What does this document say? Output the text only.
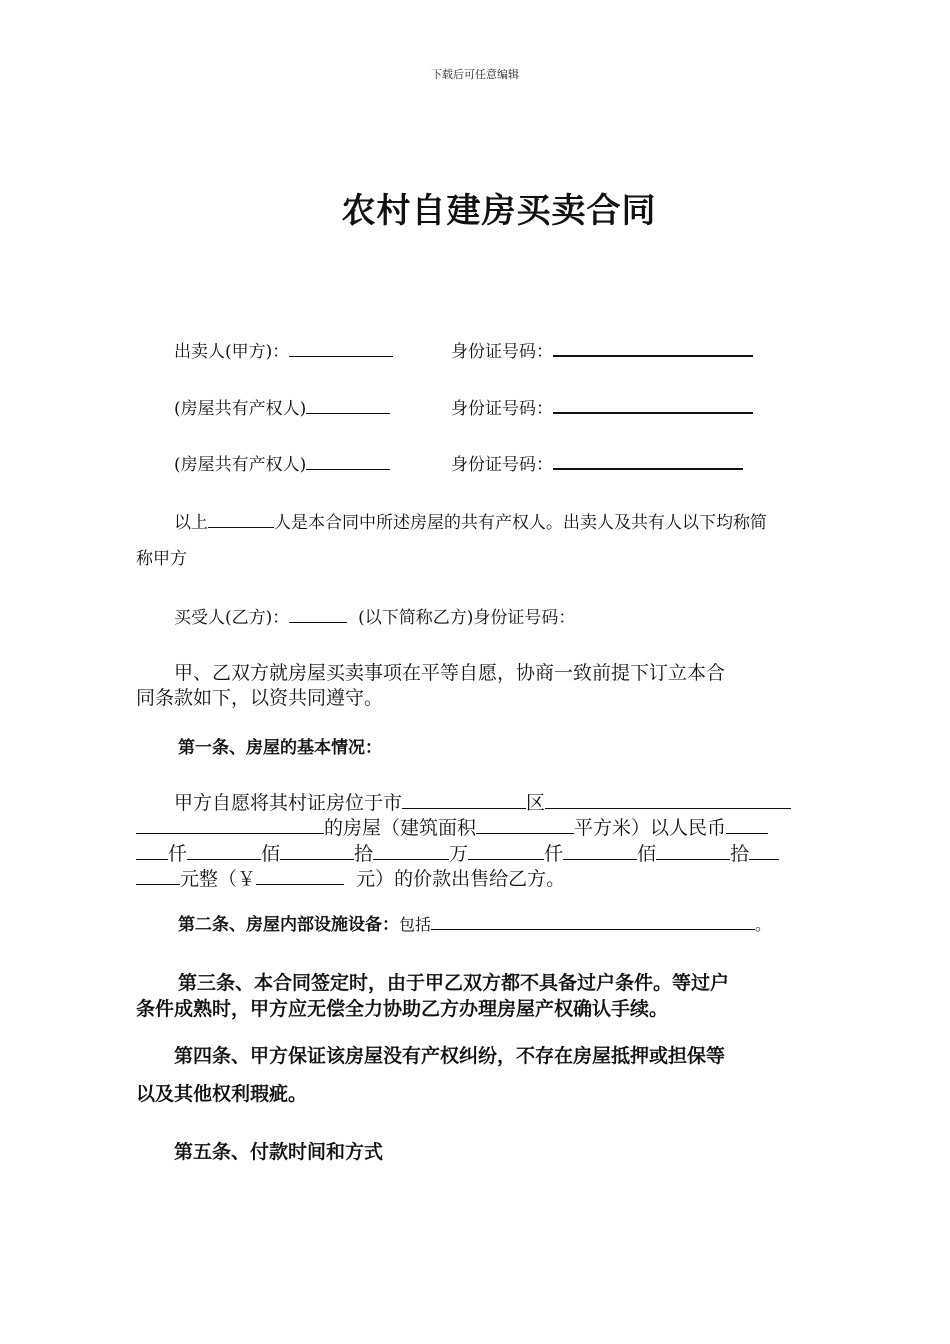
下载后可任意编辑
农村自建房买卖合同
出卖人(甲方)：	身份证号码：
(房屋共有产权人)	身份证号码：
(房屋共有产权人)	身份证号码：
以上	人是本合同中所述房屋的共有产权人。出卖人及共有人以下均称简
称甲方
买受人(乙方)：	(以下简称乙方)身份证号码：
甲、乙双方就房屋买卖事项在平等自愿，协商一致前提下订立本合
同条款如下，以资共同遵守。
第一条、房屋的基本情况：
甲方自愿将其村证房位于市	区
的房屋（建筑面积	平方米）以人民币
仟	佰	拾	万	仟	佰	拾
元整（￥	元）的价款出售给乙方。
第二条、房屋内部设施设备：包括	。
第三条、本合同签定时，由于甲乙双方都不具备过户条件。等过户
条件成熟时，甲方应无偿全力协助乙方办理房屋产权确认手续。
第四条、甲方保证该房屋没有产权纠纷，不存在房屋抵押或担保等
以及其他权利瑕疵。
第五条、付款时间和方式
